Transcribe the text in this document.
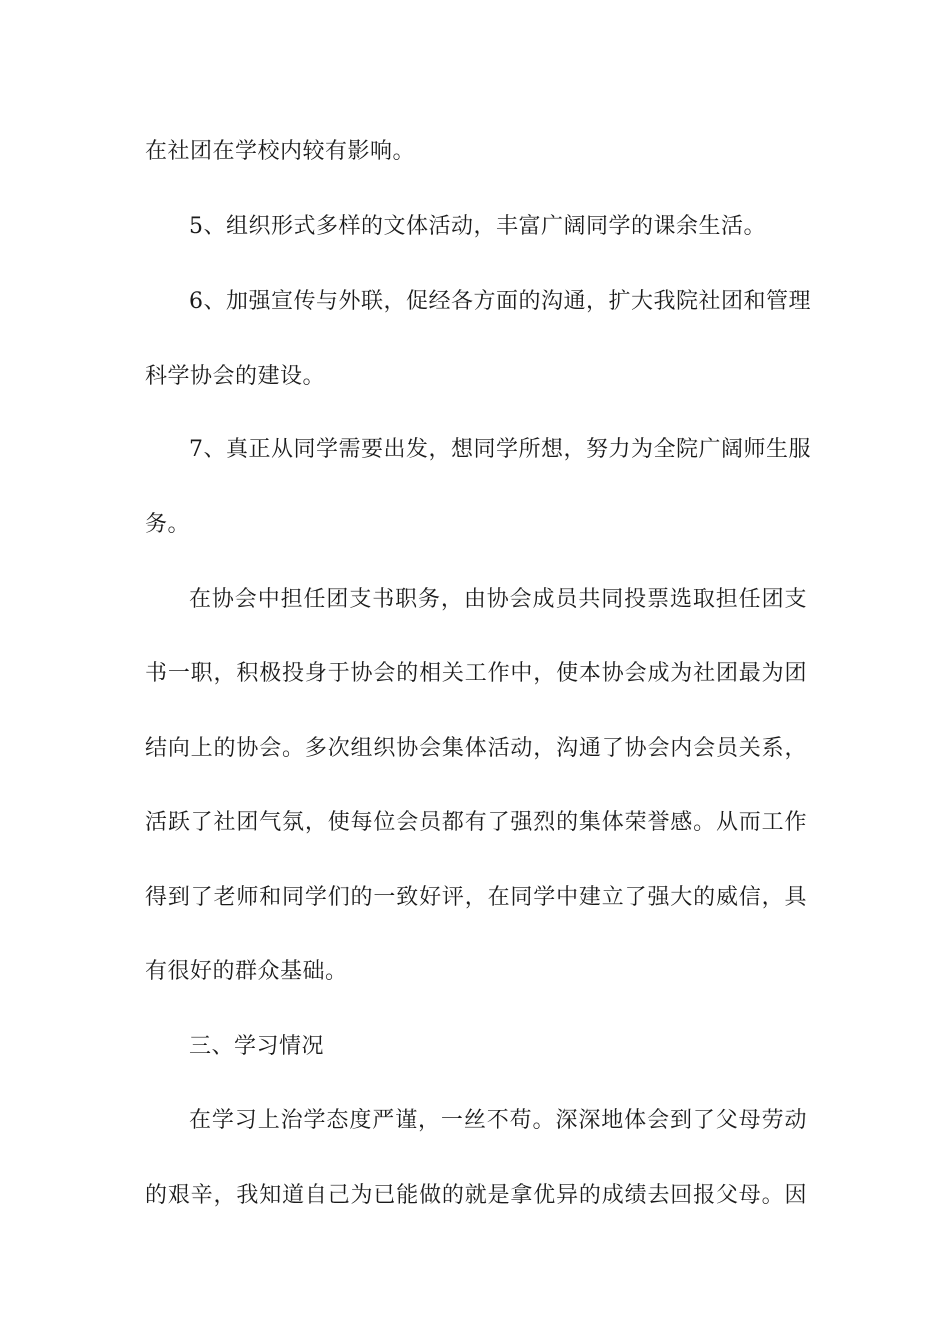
在社团在学校内较有影响。
5、组织形式多样的文体活动，丰富广阔同学的课余生活。
6、加强宣传与外联，促经各方面的沟通，扩大我院社团和管理
科学协会的建设。
7、真正从同学需要出发，想同学所想，努力为全院广阔师生服
务。
在协会中担任团支书职务，由协会成员共同投票选取担任团支
书一职，积极投身于协会的相关工作中，使本协会成为社团最为团
结向上的协会。多次组织协会集体活动，沟通了协会内会员关系，
活跃了社团气氛，使每位会员都有了强烈的集体荣誉感。从而工作
得到了老师和同学们的一致好评，在同学中建立了强大的威信，具
有很好的群众基础。
三、学习情况
在学习上治学态度严谨，一丝不苟。深深地体会到了父母劳动
的艰辛，我知道自己为已能做的就是拿优异的成绩去回报父母。因
